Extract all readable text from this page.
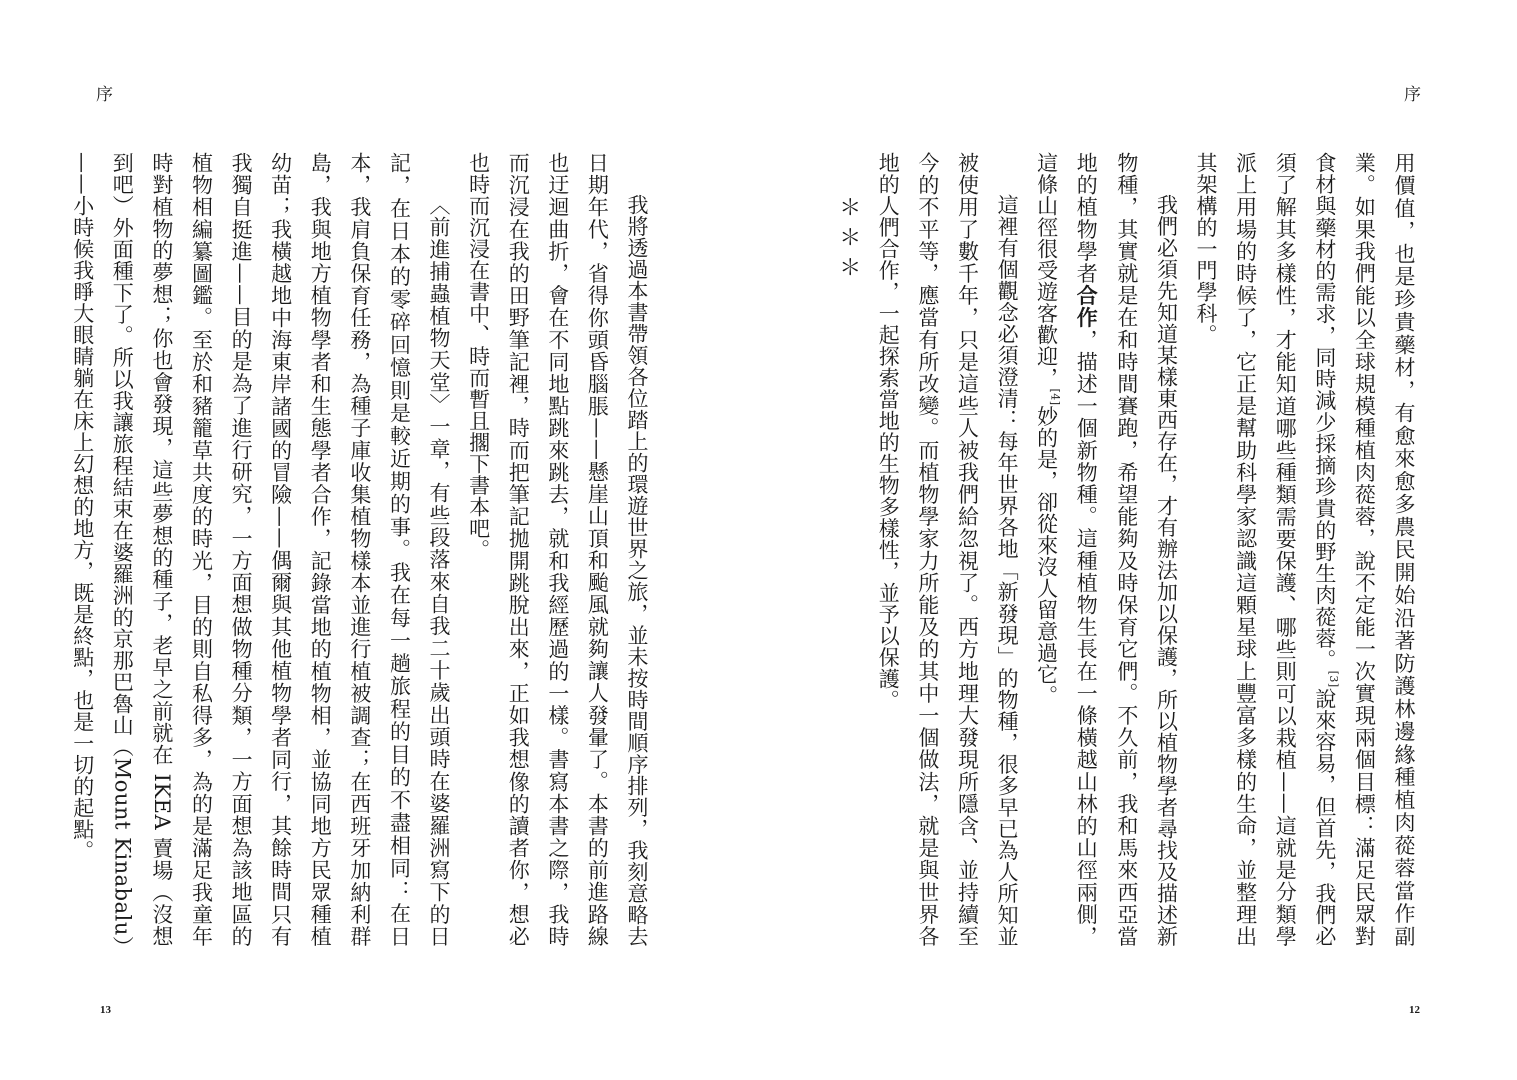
序

我將透過本書帶領各位踏上的環遊世界之旅，並未按時間順序排列，我刻意略去日期年代，省得你頭昏腦脹——懸崖山頂和颱風就夠讓人發暈了。本書的前進路線也迂迴曲折，會在不同地點跳來跳去，就和我經歷過的一樣。書寫本書之際，我時而沉浸在我的田野筆記裡，時而把筆記拋開跳脫出來，正如我想像的讀者你，想必也時而沉浸在書中、時而暫且擱下書本吧。

〈前進捕蟲植物天堂〉一章，有些段落來自我二十歲出頭時在婆羅洲寫下的日記，在日本的零碎回憶則是較近期的事。我在每一趟旅程的目的不盡相同：在日本，我肩負保育任務，為種子庫收集植物樣本並進行植被調查；在西班牙加納利群島，我與地方植物學者和生態學者合作，記錄當地的植物相，並協同地方民眾種植幼苗；我橫越地中海東岸諸國的冒險——偶爾與其他植物學者同行，其餘時間只有我獨自挺進——目的是為了進行研究，一方面想做物種分類，一方面想為該地區的植物相編纂圖鑑。至於和豬籠草共度的時光，目的則自私得多，為的是滿足我童年時對植物的夢想；你也會發現，這些夢想的種子，老早之前就在 IKEA 賣場（沒想到吧）外面種下了。所以我讓旅程結束在婆羅洲的京那巴魯山（Mount Kinabalu）——小時候我睜大眼睛躺在床上幻想的地方，既是終點，也是一切的起點。

13
序

用價值，也是珍貴藥材，有愈來愈多農民開始沿著防護林邊緣種植肉蓯蓉當作副業。如果我們能以全球規模種植肉蓯蓉，說不定能一次實現兩個目標：滿足民眾對食材與藥材的需求，同時減少採摘珍貴的野生肉蓯蓉。[3]說來容易，但首先，我們必須了解其多樣性，才能知道哪些種類需要保護、哪些則可以栽植——這就是分類學派上用場的時候了，它正是幫助科學家認識這顆星球上豐富多樣的生命，並整理出其架構的一門學科。

我們必須先知道某樣東西存在，才有辦法加以保護，所以植物學者尋找及描述新物種，其實就是在和時間賽跑，希望能夠及時保育它們。不久前，我和馬來西亞當地的植物學者合作，描述一個新物種。這種植物生長在一條橫越山林的山徑兩側，這條山徑很受遊客歡迎，[4]妙的是，卻從來沒人留意過它。

這裡有個觀念必須澄清：每年世界各地「新發現」的物種，很多早已為人所知並被使用了數千年，只是這些人被我們給忽視了。西方地理大發現所隱含、並持續至今的不平等，應當有所改變。而植物學家力所能及的其中一個做法，就是與世界各地的人們合作，一起探索當地的生物多樣性，並予以保護。

＊＊＊

12
